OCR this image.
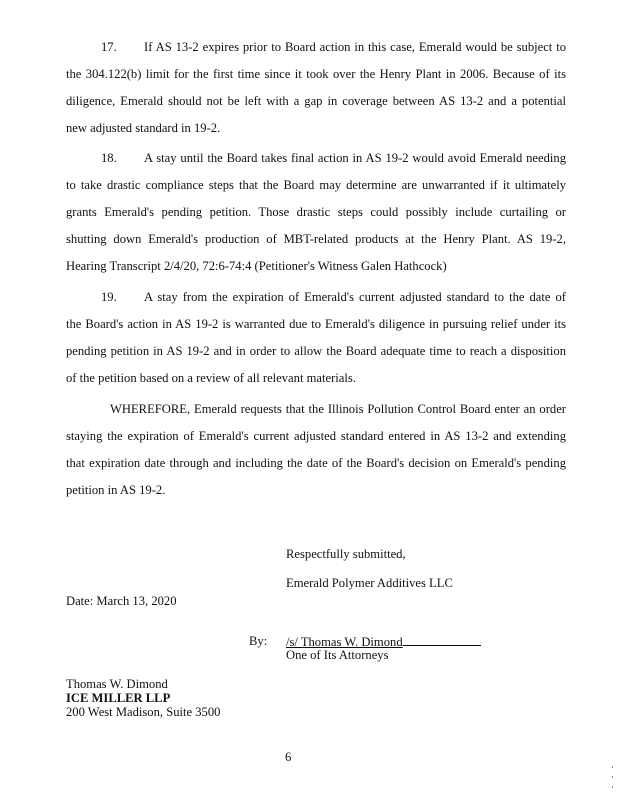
17. If AS 13-2 expires prior to Board action in this case, Emerald would be subject to
the 304.122(b) limit for the first time since it took over the Henry Plant in 2006. Because of its
diligence, Emerald should not be left with a gap in coverage between AS 13-2 and a potential
new adjusted standard in 19-2.
18. A stay until the Board takes final action in AS 19-2 would avoid Emerald needing
to take drastic compliance steps that the Board may determine are unwarranted if it ultimately
grants Emerald's pending petition. Those drastic steps could possibly include curtailing or
shutting down Emerald's production of MBT-related products at the Henry Plant. AS 19-2,
Hearing Transcript 2/4/20, 72:6-74:4 (Petitioner's Witness Galen Hathcock)
19. A stay from the expiration of Emerald's current adjusted standard to the date of
the Board's action in AS 19-2 is warranted due to Emerald's diligence in pursuing relief under its
pending petition in AS 19-2 and in order to allow the Board adequate time to reach a disposition
of the petition based on a review of all relevant materials.
WHEREFORE, Emerald requests that the Illinois Pollution Control Board enter an order
staying the expiration of Emerald's current adjusted standard entered in AS 13-2 and extending
that expiration date through and including the date of the Board's decision on Emerald's pending
petition in AS 19-2.
Respectfully submitted,
Emerald Polymer Additives LLC
Date: March 13, 2020
By: /s/ Thomas W. Dimond
One of Its Attorneys
Thomas W. Dimond
ICE MILLER LLP
200 West Madison, Suite 3500
6
